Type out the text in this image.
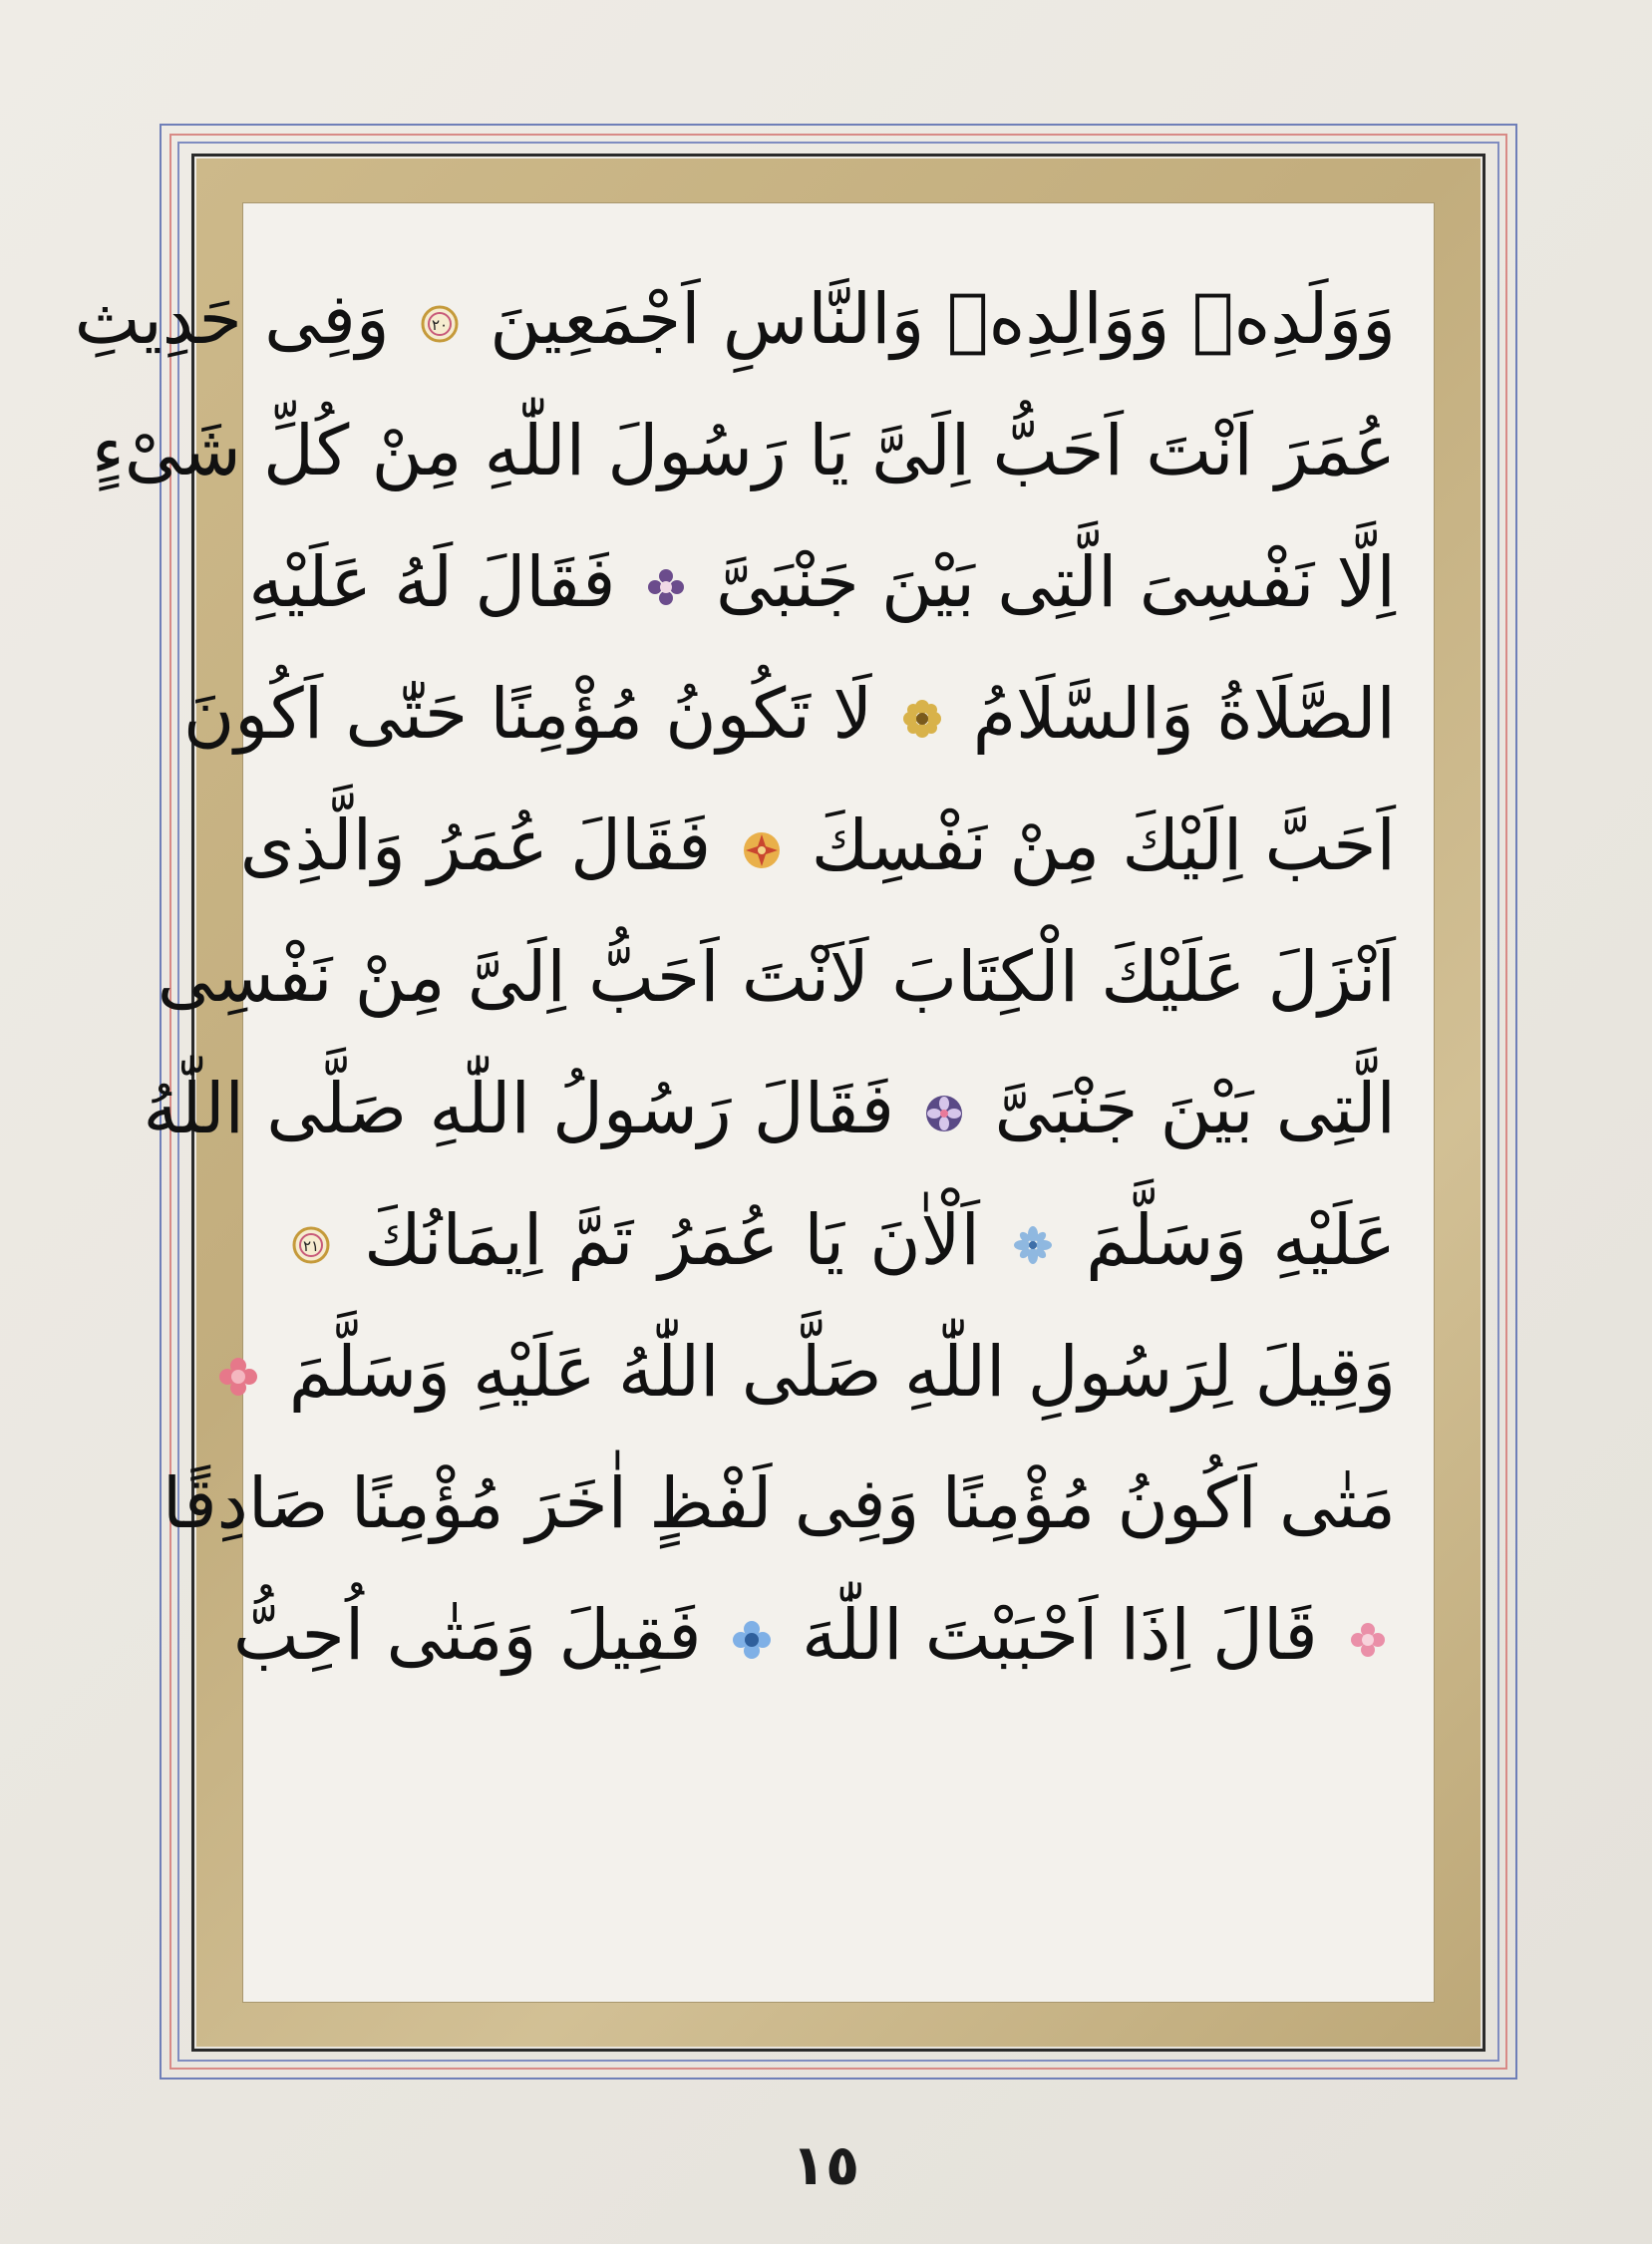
وَوَلَدِهٖ وَوَالِدِهٖ وَالنَّاسِ اَجْمَعِينَ
٢٠
وَفِى حَدِيثِ
عُمَرَ اَنْتَ اَحَبُّ اِلَىَّ يَا رَسُولَ اللّٰهِ مِنْ كُلِّ شَىْءٍ
اِلَّا نَفْسِىَ الَّتِى بَيْنَ جَنْبَىَّ  فَقَالَ لَهُ عَلَيْهِ
الصَّلَاةُ وَالسَّلَامُ  لَا تَكُونُ مُؤْمِنًا حَتّٰى اَكُونَ
اَحَبَّ اِلَيْكَ مِنْ نَفْسِكَ  فَقَالَ عُمَرُ وَالَّذِى
اَنْزَلَ عَلَيْكَ الْكِتَابَ لَاَنْتَ اَحَبُّ اِلَىَّ مِنْ نَفْسِى
الَّتِى بَيْنَ جَنْبَىَّ  فَقَالَ رَسُولُ اللّٰهِ صَلَّى اللّٰهُ
عَلَيْهِ وَسَلَّمَ  اَلْاٰنَ يَا عُمَرُ تَمَّ اِيمَانُكَ
٢١
وَقِيلَ لِرَسُولِ اللّٰهِ صَلَّى اللّٰهُ عَلَيْهِ وَسَلَّمَ
مَتٰى اَكُونُ مُؤْمِنًا وَفِى لَفْظٍ اٰخَرَ مُؤْمِنًا صَادِقًا
قَالَ اِذَا اَحْبَبْتَ اللّٰهَ  فَقِيلَ وَمَتٰى اُحِبُّ
١٥
